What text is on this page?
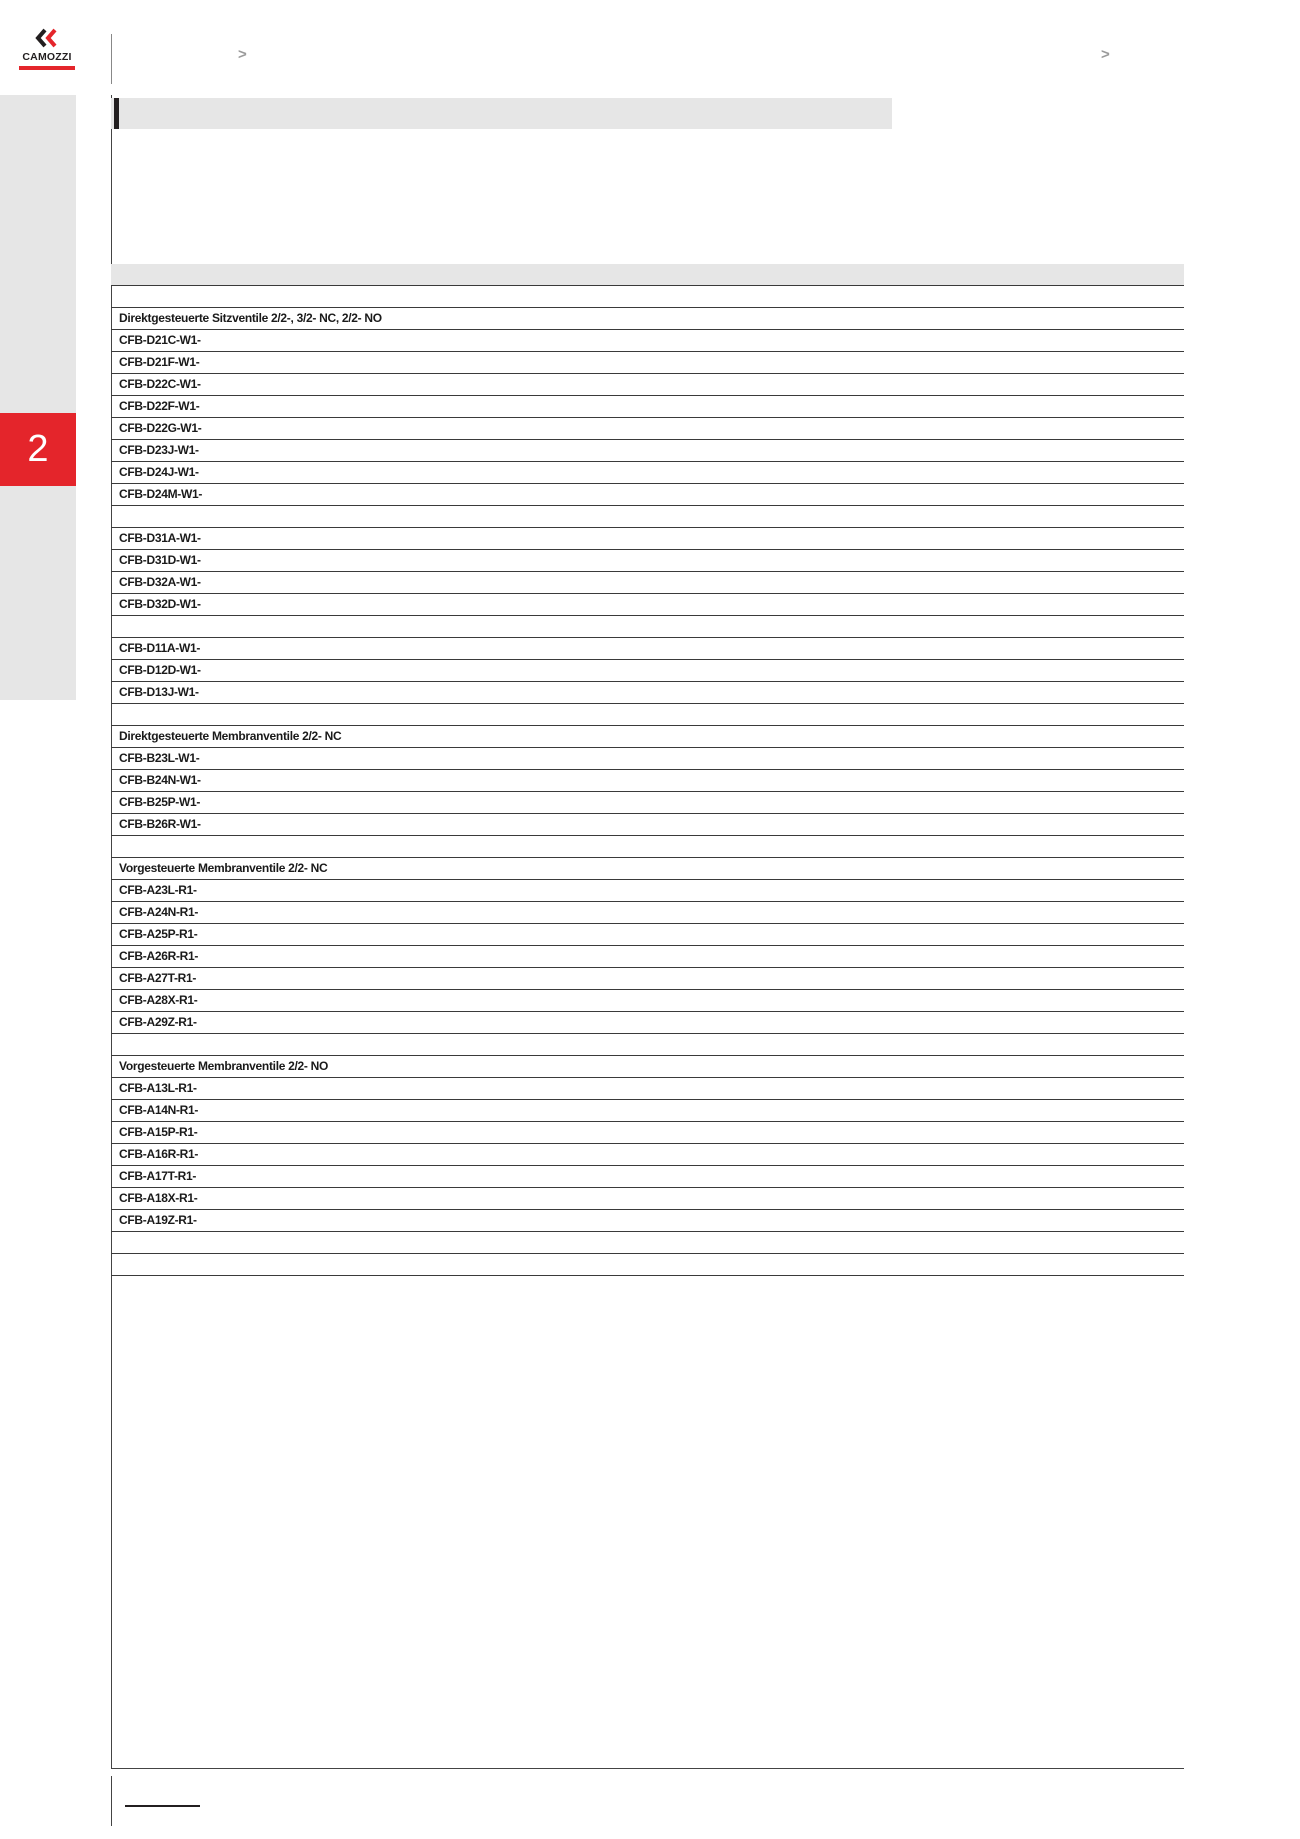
CAMOZZI	>	>
2
Direktgesteuerte Sitzventile 2/2-, 3/2- NC, 2/2- NO
CFB-D21C-W1-
CFB-D21F-W1-
CFB-D22C-W1-
CFB-D22F-W1-
CFB-D22G-W1-
CFB-D23J-W1-
CFB-D24J-W1-
CFB-D24M-W1-
CFB-D31A-W1-
CFB-D31D-W1-
CFB-D32A-W1-
CFB-D32D-W1-
CFB-D11A-W1-
CFB-D12D-W1-
CFB-D13J-W1-
Direktgesteuerte Membranventile 2/2- NC
CFB-B23L-W1-
CFB-B24N-W1-
CFB-B25P-W1-
CFB-B26R-W1-
Vorgesteuerte Membranventile 2/2- NC
CFB-A23L-R1-
CFB-A24N-R1-
CFB-A25P-R1-
CFB-A26R-R1-
CFB-A27T-R1-
CFB-A28X-R1-
CFB-A29Z-R1-
Vorgesteuerte Membranventile 2/2- NO
CFB-A13L-R1-
CFB-A14N-R1-
CFB-A15P-R1-
CFB-A16R-R1-
CFB-A17T-R1-
CFB-A18X-R1-
CFB-A19Z-R1-
